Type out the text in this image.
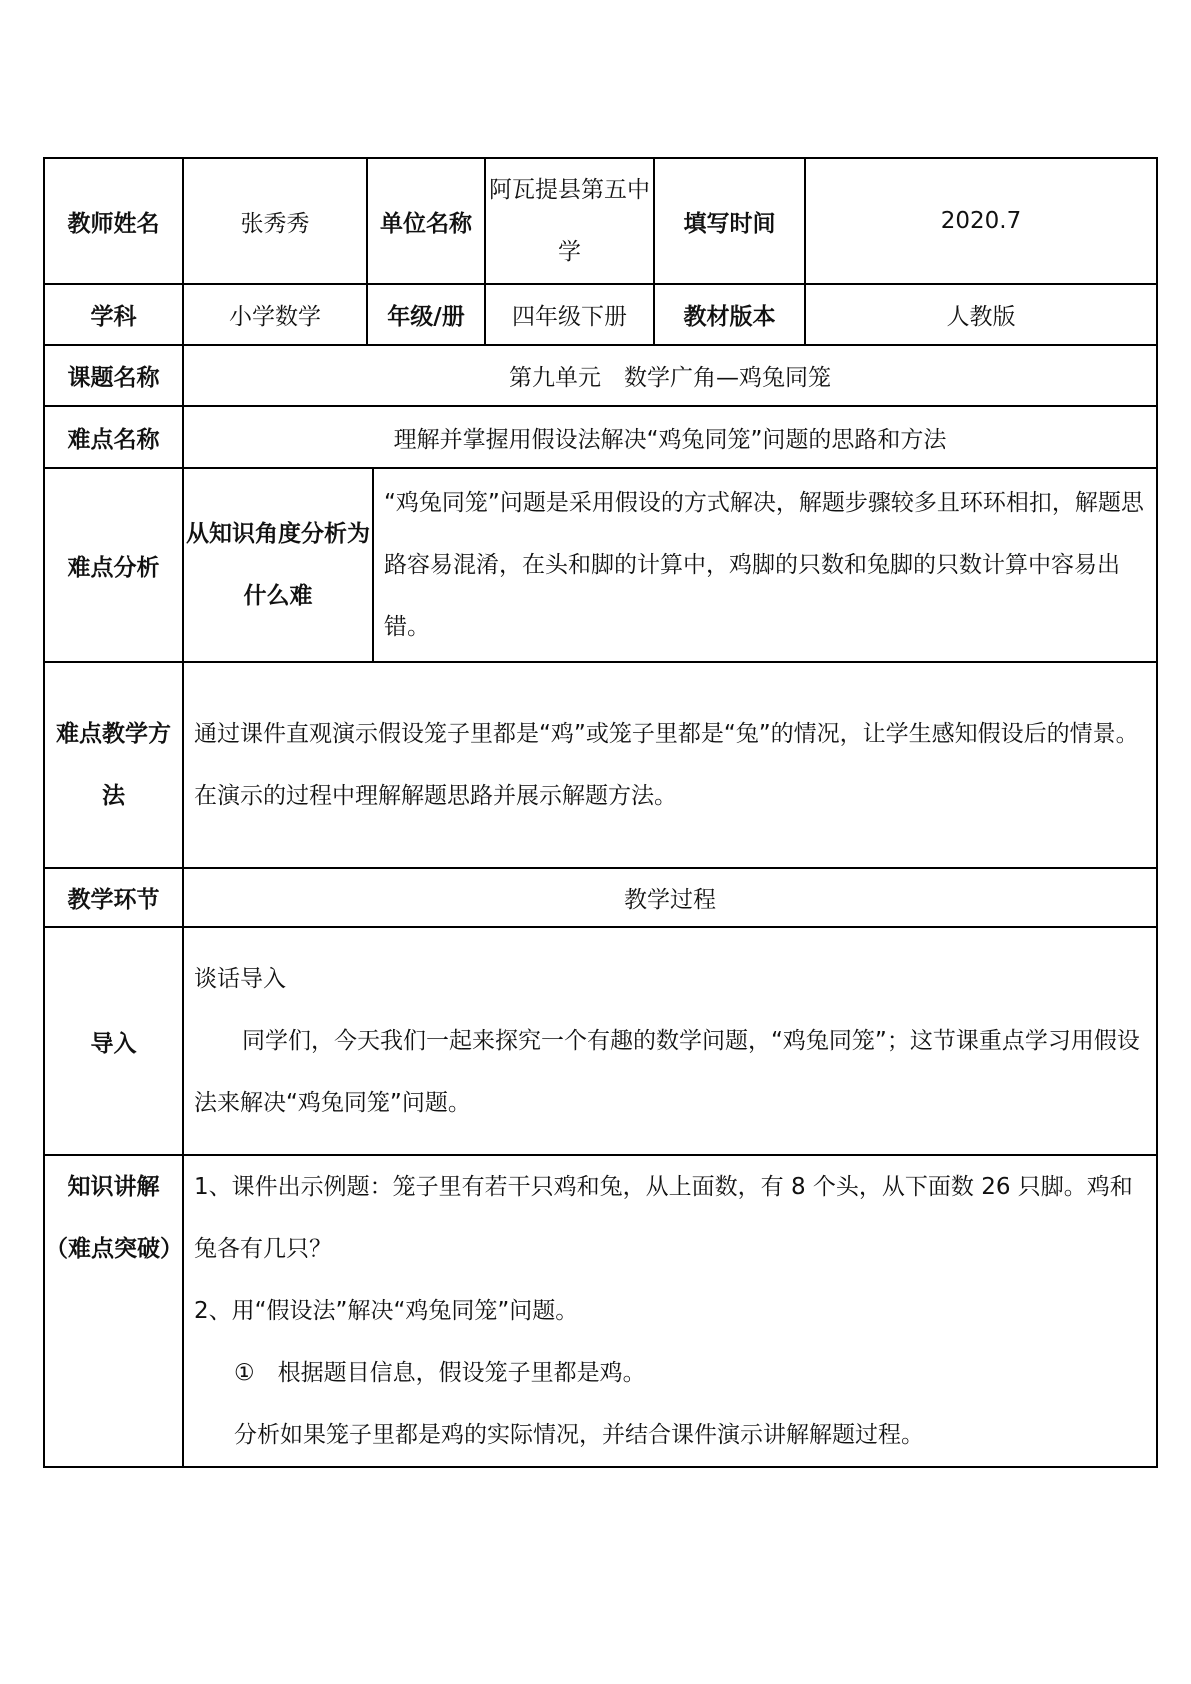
教师姓名	张秀秀	单位名称		阿瓦提县第五中学	填写时间	2020.7
学科	小学数学	年级/册		四年级下册	教材版本	人教版
课题名称	第九单元　数学广角—鸡兔同笼					
难点名称	理解并掌握用假设法解决“鸡兔同笼”问题的思路和方法					
难点分析	从知识角度分析为什么难		“鸡兔同笼”问题是采用假设的方式解决，解题步骤较多且环环相扣，解题思路容易混淆，在头和脚的计算中，鸡脚的只数和兔脚的只数计算中容易出错。			

难点教学方法	通过课件直观演示假设笼子里都是“鸡”或笼子里都是“兔”的情况，让学生感知假设后的情景。

在演示的过程中理解解题思路并展示解题方法。					

教学环节	教学过程					
导入	谈话导入

同学们，今天我们一起来探究一个有趣的数学问题，“鸡兔同笼”；这节课重点学习用假设法来解决“鸡兔同笼”问题。					

知识讲解（难点突破）	1、课件出示例题：笼子里有若干只鸡和兔，从上面数，有 8 个头，从下面数 26 只脚。鸡和兔各有几只？

2、用“假设法”解决“鸡兔同笼”问题。

①　根据题目信息，假设笼子里都是鸡。

分析如果笼子里都是鸡的实际情况，并结合课件演示讲解解题过程。					
